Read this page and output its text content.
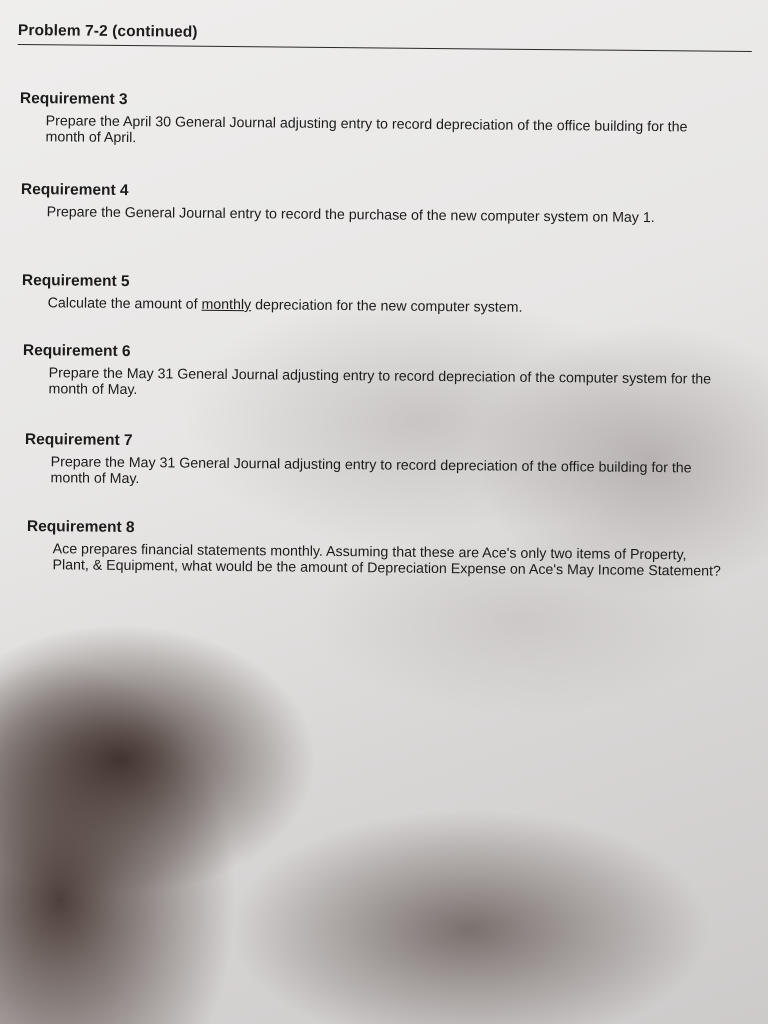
Problem 7-2 (continued)
Requirement 3
Prepare the April 30 General Journal adjusting entry to record depreciation of the office building for the month of April.
Requirement 4
Prepare the General Journal entry to record the purchase of the new computer system on May 1.
Requirement 5
Calculate the amount of monthly depreciation for the new computer system.
Requirement 6
Prepare the May 31 General Journal adjusting entry to record depreciation of the computer system for the month of May.
Requirement 7
Prepare the May 31 General Journal adjusting entry to record depreciation of the office building for the month of May.
Requirement 8
Ace prepares financial statements monthly. Assuming that these are Ace's only two items of Property, Plant, & Equipment, what would be the amount of Depreciation Expense on Ace's May Income Statement?
